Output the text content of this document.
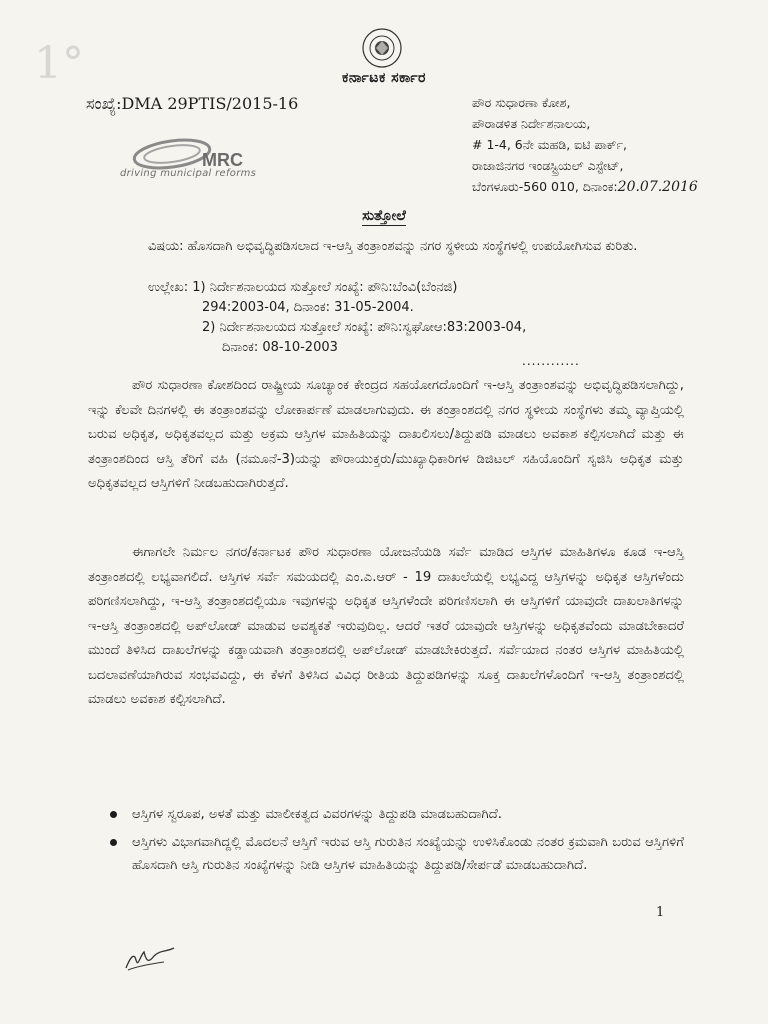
1°	ಕರ್ನಾಟಕ ಸರ್ಕಾರ
ಸಂಖ್ಯೆ:DMA 29PTIS/2015-16	ಪೌರ ಸುಧಾರಣಾ ಕೋಶ,
ಪೌರಾಡಳಿತ ನಿರ್ದೇಶನಾಲಯ,
# 1-4, 6ನೇ ಮಹಡಿ, ಐಟಿ ಪಾರ್ಕ್,
ರಾಜಾಜಿನಗರ ಇಂಡಸ್ಟ್ರಿಯಲ್ ಎಸ್ಟೇಟ್,
ಬೆಂಗಳೂರು-560 010, ದಿನಾಂಕ:20.07.2016
MRC
driving municipal reforms
ಸುತ್ತೋಲೆ
ವಿಷಯ: ಹೊಸದಾಗಿ ಅಭಿವೃದ್ಧಿಪಡಿಸಲಾದ ಇ-ಆಸ್ತಿ ತಂತ್ರಾಂಶವನ್ನು ನಗರ ಸ್ಥಳೀಯ ಸಂಸ್ಥೆಗಳಲ್ಲಿ ಉಪಯೋಗಿಸುವ ಕುರಿತು.
ಉಲ್ಲೇಖ: 1) ನಿರ್ದೇಶನಾಲಯದ ಸುತ್ತೋಲೆ ಸಂಖ್ಯೆ: ಪೌನಿ:ಬೆಂವಿ(ಬೆಂನಜಿ)
294:2003-04, ದಿನಾಂಕ: 31-05-2004.
2) ನಿರ್ದೇಶನಾಲಯದ ಸುತ್ತೋಲೆ ಸಂಖ್ಯೆ: ಪೌನಿ:ಸ್ವಘೋಆ:83:2003-04,
ದಿನಾಂಕ: 08-10-2003
............

ಪೌರ ಸುಧಾರಣಾ ಕೋಶದಿಂದ ರಾಷ್ಟ್ರೀಯ ಸೂಚ್ಯಾಂಕ ಕೇಂದ್ರದ ಸಹಯೋಗದೊಂದಿಗೆ ಇ-ಆಸ್ತಿ ತಂತ್ರಾಂಶವನ್ನು ಅಭಿವೃದ್ಧಿಪಡಿಸಲಾಗಿದ್ದು, ಇನ್ನು ಕೆಲವೇ ದಿನಗಳಲ್ಲಿ ಈ ತಂತ್ರಾಂಶವನ್ನು ಲೋಕಾರ್ಪಣೆ ಮಾಡಲಾಗುವುದು. ಈ ತಂತ್ರಾಂಶದಲ್ಲಿ ನಗರ ಸ್ಥಳೀಯ ಸಂಸ್ಥೆಗಳು ತಮ್ಮ ವ್ಯಾಪ್ತಿಯಲ್ಲಿ ಬರುವ ಅಧಿಕೃತ, ಅಧಿಕೃತವಲ್ಲದ ಮತ್ತು ಅಕ್ರಮ ಆಸ್ತಿಗಳ ಮಾಹಿತಿಯನ್ನು ದಾಖಲಿಸಲು/ತಿದ್ದುಪಡಿ ಮಾಡಲು ಅವಕಾಶ ಕಲ್ಪಿಸಲಾಗಿದೆ ಮತ್ತು ಈ ತಂತ್ರಾಂಶದಿಂದ ಆಸ್ತಿ ತೆರಿಗೆ ವಹಿ (ನಮೂನೆ-3)ಯನ್ನು ಪೌರಾಯುಕ್ತರು/ಮುಖ್ಯಾಧಿಕಾರಿಗಳ ಡಿಜಿಟಲ್ ಸಹಿಯೊಂದಿಗೆ ಸೃಜಿಸಿ ಅಧಿಕೃತ ಮತ್ತು ಅಧಿಕೃತವಲ್ಲದ ಆಸ್ತಿಗಳಿಗೆ ನೀಡಬಹುದಾಗಿರುತ್ತದೆ.

ಈಗಾಗಲೇ ನಿರ್ಮಲ ನಗರ/ಕರ್ನಾಟಕ ಪೌರ ಸುಧಾರಣಾ ಯೋಜನೆಯಡಿ ಸರ್ವೆ ಮಾಡಿದ ಆಸ್ತಿಗಳ ಮಾಹಿತಿಗಳೂ ಕೂಡ ಇ-ಆಸ್ತಿ ತಂತ್ರಾಂಶದಲ್ಲಿ ಲಭ್ಯವಾಗಲಿದೆ. ಆಸ್ತಿಗಳ ಸರ್ವೆ ಸಮಯದಲ್ಲಿ ಎಂ.ಎ.ಆರ್ - 19 ದಾಖಲೆಯಲ್ಲಿ ಲಭ್ಯವಿದ್ದ ಆಸ್ತಿಗಳನ್ನು ಅಧಿಕೃತ ಆಸ್ತಿಗಳೆಂದು ಪರಿಗಣಿಸಲಾಗಿದ್ದು, ಇ-ಆಸ್ತಿ ತಂತ್ರಾಂಶದಲ್ಲಿಯೂ ಇವುಗಳನ್ನು ಅಧಿಕೃತ ಆಸ್ತಿಗಳೆಂದೇ ಪರಿಗಣಿಸಲಾಗಿ ಈ ಆಸ್ತಿಗಳಿಗೆ ಯಾವುದೇ ದಾಖಲಾತಿಗಳನ್ನು ಇ-ಆಸ್ತಿ ತಂತ್ರಾಂಶದಲ್ಲಿ ಅಪ್‌ಲೋಡ್ ಮಾಡುವ ಅವಶ್ಯಕತೆ ಇರುವುದಿಲ್ಲ. ಆದರೆ ಇತರೆ ಯಾವುದೇ ಆಸ್ತಿಗಳನ್ನು ಅಧಿಕೃತವೆಂದು ಮಾಡಬೇಕಾದರೆ ಮುಂದೆ ತಿಳಿಸಿದ ದಾಖಲೆಗಳನ್ನು ಕಡ್ಡಾಯವಾಗಿ ತಂತ್ರಾಂಶದಲ್ಲಿ ಅಪ್‌ಲೋಡ್ ಮಾಡಬೇಕಿರುತ್ತದೆ. ಸರ್ವೆಯಾದ ನಂತರ ಆಸ್ತಿಗಳ ಮಾಹಿತಿಯಲ್ಲಿ ಬದಲಾವಣೆಯಾಗಿರುವ ಸಂಭವವಿದ್ದು, ಈ ಕೆಳಗೆ ತಿಳಿಸಿದ ವಿವಿಧ ರೀತಿಯ ತಿದ್ದುಪಡಿಗಳನ್ನು ಸೂಕ್ತ ದಾಖಲೆಗಳೊಂದಿಗೆ ಇ-ಆಸ್ತಿ ತಂತ್ರಾಂಶದಲ್ಲಿ ಮಾಡಲು ಅವಕಾಶ ಕಲ್ಪಿಸಲಾಗಿದೆ.

ಆಸ್ತಿಗಳ ಸ್ವರೂಪ, ಅಳತೆ ಮತ್ತು ಮಾಲೀಕತ್ವದ ವಿವರಗಳನ್ನು ತಿದ್ದುಪಡಿ ಮಾಡಬಹುದಾಗಿದೆ.
ಆಸ್ತಿಗಳು ವಿಭಾಗವಾಗಿದ್ದಲ್ಲಿ ಮೊದಲನೆ ಆಸ್ತಿಗೆ ಇರುವ ಆಸ್ತಿ ಗುರುತಿನ ಸಂಖ್ಯೆಯನ್ನು ಉಳಿಸಿಕೊಂಡು ನಂತರ ಕ್ರಮವಾಗಿ ಬರುವ ಆಸ್ತಿಗಳಿಗೆ ಹೊಸದಾಗಿ ಆಸ್ತಿ ಗುರುತಿನ ಸಂಖ್ಯೆಗಳನ್ನು ನೀಡಿ ಆಸ್ತಿಗಳ ಮಾಹಿತಿಯನ್ನು ತಿದ್ದುಪಡಿ/ಸೇರ್ಪಡೆ ಮಾಡಬಹುದಾಗಿದೆ.
1
